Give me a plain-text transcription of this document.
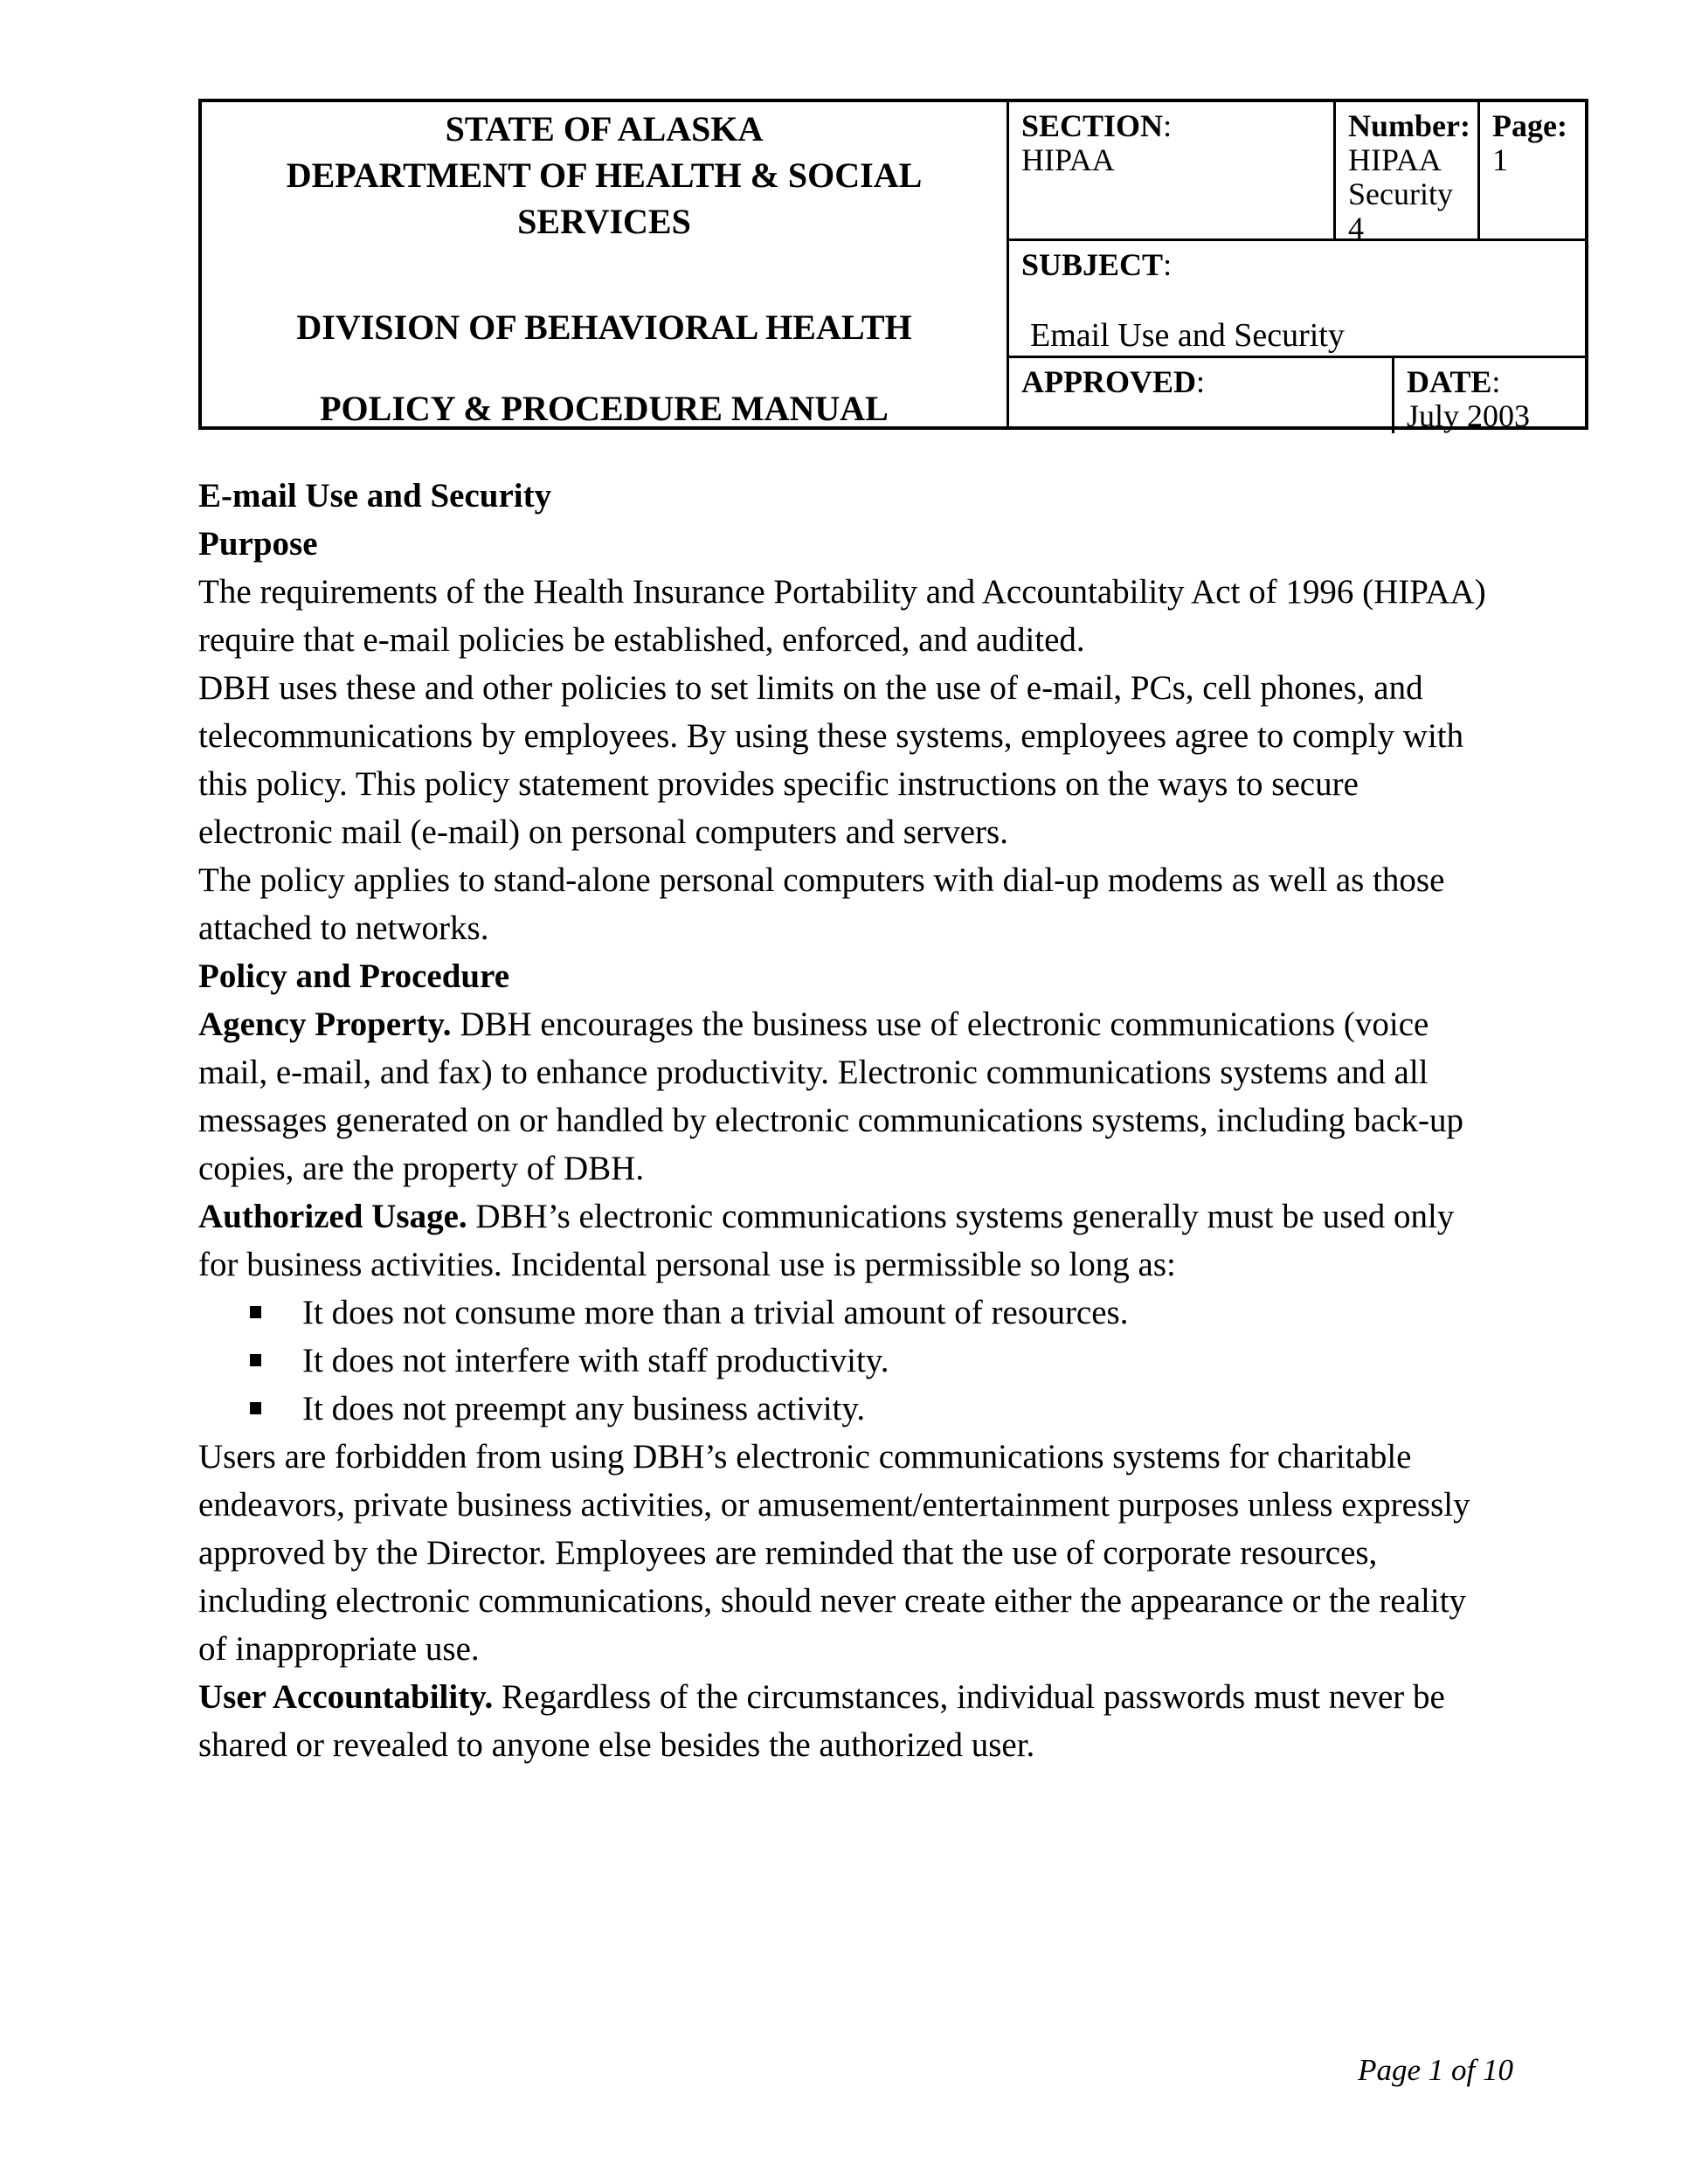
STATE OF ALASKA
DEPARTMENT OF HEALTH & SOCIAL SERVICES
DIVISION OF BEHAVIORAL HEALTH
POLICY & PROCEDURE MANUAL
SECTION:
HIPAA
Number:
HIPAA Security 4
Page:
1
SUBJECT:
Email Use and Security
APPROVED:	DATE:
July 2003
E-mail Use and Security
Purpose

The requirements of the Health Insurance Portability and Accountability Act of 1996 (HIPAA) require that e-mail policies be established, enforced, and audited.

DBH uses these and other policies to set limits on the use of e-mail, PCs, cell phones, and telecommunications by employees. By using these systems, employees agree to comply with this policy. This policy statement provides specific instructions on the ways to secure electronic mail (e-mail) on personal computers and servers.

The policy applies to stand-alone personal computers with dial-up modems as well as those attached to networks.

Policy and Procedure

Agency Property. DBH encourages the business use of electronic communications (voice mail, e-mail, and fax) to enhance productivity. Electronic communications systems and all messages generated on or handled by electronic communications systems, including back-up copies, are the property of DBH.

Authorized Usage. DBH’s electronic communications systems generally must be used only for business activities. Incidental personal use is permissible so long as:

It does not consume more than a trivial amount of resources.
It does not interfere with staff productivity.
It does not preempt any business activity.

Users are forbidden from using DBH’s electronic communications systems for charitable endeavors, private business activities, or amusement/entertainment purposes unless expressly approved by the Director. Employees are reminded that the use of corporate resources, including electronic communications, should never create either the appearance or the reality of inappropriate use.

User Accountability. Regardless of the circumstances, individual passwords must never be shared or revealed to anyone else besides the authorized user.

Page 1 of 10
